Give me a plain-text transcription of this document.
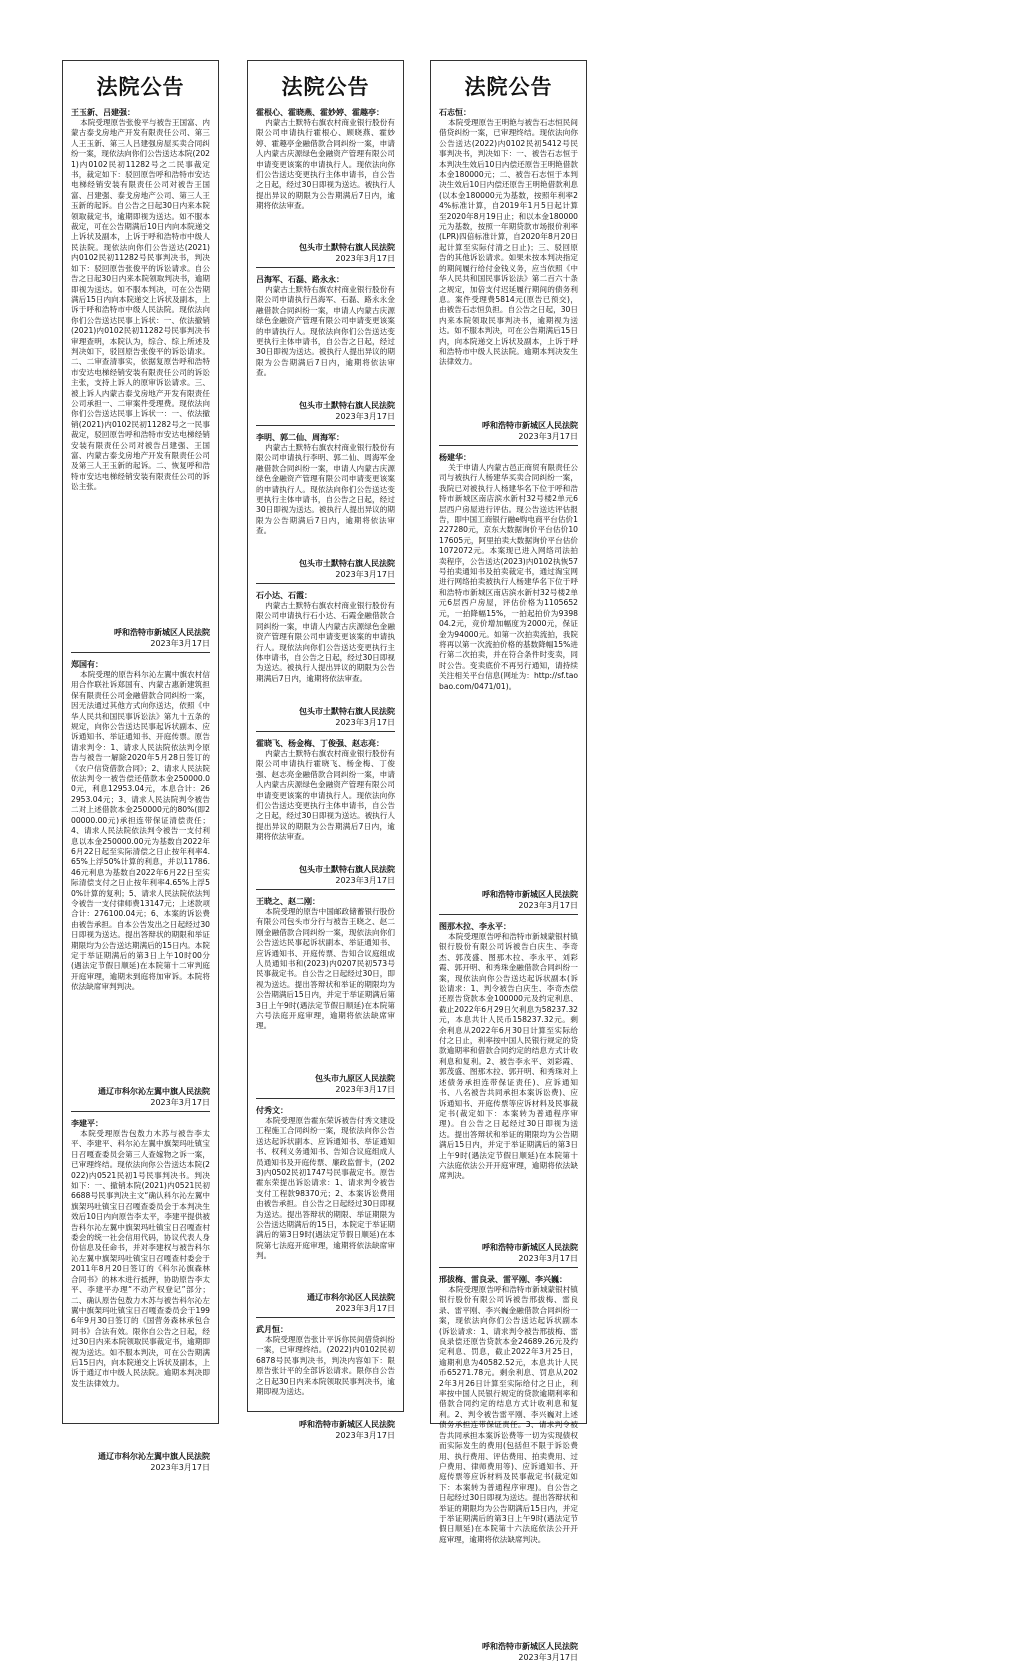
法院公告
王玉新、吕建强：
本院受理原告张俊平与被告王国富、内蒙古泰戈房地产开发有限责任公司、第三人王玉新、第三人吕建强房屋买卖合同纠纷一案，现依法向你们公告送达本院(2021)内0102民初11282号之二民事裁定书，裁定如下：驳回原告呼和浩特市安达电梯经销安装有限责任公司对被告王国富、吕建强、泰戈房地产公司、第三人王玉新的起诉。自公告之日起30日内来本院领取裁定书，逾期即视为送达。如不服本裁定，可在公告期满后10日内向本院递交上诉状及副本，上诉于呼和浩特市中级人民法院。现依法向你们公告送达(2021)内0102民初11282号民事判决书，判决如下：驳回原告张俊平的诉讼请求。自公告之日起30日内来本院领取判决书，逾期即视为送达。如不服本判决，可在公告期满后15日内向本院递交上诉状及副本，上诉于呼和浩特市中级人民法院。现依法向你们公告送达民事上诉状：一、依法撤销(2021)内0102民初11282号民事判决书审理查明，本院认为，综合、综上所述及判决如下，驳回原告张俊平的诉讼请求。二、二审查清事实，依据复原告呼和浩特市安达电梯经销安装有限责任公司的诉讼主张，支持上诉人的原审诉讼请求。三、被上诉人内蒙古泰戈房地产开发有限责任公司承担一、二审案件受理费。现依法向你们公告送达民事上诉状一：一、依法撤销(2021)内0102民初11282号之一民事裁定，驳回原告呼和浩特市安达电梯经销安装有限责任公司对被告吕建强、王国富、内蒙古泰戈房地产开发有限责任公司及第三人王玉新的起诉。二、恢复呼和浩特市安达电梯经销安装有限责任公司的诉讼主张。
呼和浩特市新城区人民法院
2023年3月17日
郑国有：
本院受理的原告科尔沁左翼中旗农村信用合作联社诉郑国有、内蒙古惠新建筑担保有限责任公司金融借款合同纠纷一案，因无法通过其他方式向你送达，依照《中华人民共和国民事诉讼法》第九十五条的规定，向你公告送达民事起诉状副本、应诉通知书、举证通知书、开庭传票。原告请求判令：1、请求人民法院依法判令原告与被告一解除2020年5月28日签订的《农户信贷借款合同》；2、请求人民法院依法判令一被告偿还借款本金250000.00元，利息12953.04元，本息合计：262953.04元；3、请求人民法院判令被告二对上述借款本金250000元的80%(即200000.00元)承担连带保证清偿责任；4、请求人民法院依法判令被告一支付利息以本金250000.00元为基数自2022年6月22日起至实际清偿之日止按年利率4.65%上浮50%计算的利息，并以11786.46元利息为基数自2022年6月22日至实际清偿支付之日止按年利率4.65%上浮50%计算的复利；5、请求人民法院依法判令被告一支付律师费13147元；上述款项合计：276100.04元；6、本案的诉讼费由被告承担。自本公告发出之日起经过30日即视为送达。提出答辩状的期限和举证期限均为公告送达期满后的15日内。本院定于举证期满后的第3日上午10时00分(遇法定节假日顺延)在本院第十二审判庭开庭审理，逾期未到庭将加审诉。本院将依法缺席审判判决。
通辽市科尔沁左翼中旗人民法院
2023年3月17日
李建平：
本院受理原告包敖力木苏与被告李太平、李建平、科尔沁左翼中旗架玛吐镇宝日召嘎查委员会第三人查嫁物之诉一案，已审理终结。现依法向你公告送达本院(2022)内0521民初1号民事判决书。判决如下：一、撤销本院(2021)内0521民初6688号民事判决主文“确认科尔沁左翼中旗架玛吐镇宝日召嘎查委员会于本判决生效后10日内向原告李太平，李建平提供被告科尔沁左翼中旗架玛吐镇宝日召嘎查村委会的统一社会信用代码，协议代表人身份信息及任命书，并对李建权与被告科尔沁左翼中旗架玛吐镇宝日召嘎查村委会于2011年8月20日签订的《科尔沁旗森林合同书》的林木进行抵押，协助原告李太平、李建平办理“不动产权登记”部分；二、确认原告包敖力木苏与被告科尔沁左翼中旗架玛吐镇宝日召嘎查委员会于1996年9月30日签订的《国营务森林承包合同书》合法有效。限你自公告之日起，经过30日内来本院领取民事裁定书，逾期即视为送达。如不服本判决，可在公告期满后15日内，向本院递交上诉状及副本，上诉于通辽市中级人民法院。逾期本判决即发生法律效力。
通辽市科尔沁左翼中旗人民法院
2023年3月17日
法院公告
霍根心、霍晓燕、霍妙婷、霍趣亭：
内蒙古土默特右旗农村商业银行股份有限公司申请执行霍根心、顾晓燕、霍妙婷、霍趣亭金融借款合同纠纷一案，申请人内蒙古庆源绿色金融资产管理有限公司申请变更该案的申请执行人。现依法向你们公告送达变更执行主体申请书，自公告之日起，经过30日即视为送达。被执行人提出异议的期限为公告期满后7日内，逾期将依法审查。
包头市土默特右旗人民法院
2023年3月17日
吕海军、石磊、路永永：
内蒙古土默特右旗农村商业银行股份有限公司申请执行吕海军、石磊、路永永金融借款合同纠纷一案，申请人内蒙古庆源绿色金融资产管理有限公司申请变更该案的申请执行人。现依法向你们公告送达变更执行主体申请书，自公告之日起，经过30日即视为送达。被执行人提出异议的期限为公告期满后7日内，逾期将依法审查。
包头市土默特右旗人民法院
2023年3月17日
李明、郭二仙、周海军：
内蒙古土默特右旗农村商业银行股份有限公司申请执行李明、郭二仙、周海军金融借款合同纠纷一案，申请人内蒙古庆源绿色金融资产管理有限公司申请变更该案的申请执行人。现依法向你们公告送达变更执行主体申请书，自公告之日起，经过30日即视为送达。被执行人提出异议的期限为公告期满后7日内，逾期将依法审查。
包头市土默特右旗人民法院
2023年3月17日
石小达、石霞：
内蒙古土默特右旗农村商业银行股份有限公司申请执行石小达、石霞金融借款合同纠纷一案，申请人内蒙古庆源绿色金融资产管理有限公司申请变更该案的申请执行人。现依法向你们公告送达变更执行主体申请书，自公告之日起，经过30日即视为送达。被执行人提出异议的期限为公告期满后7日内，逾期将依法审查。
包头市土默特右旗人民法院
2023年3月17日
霍晓飞、杨金梅、丁俊强、赵志亮：
内蒙古土默特右旗农村商业银行股份有限公司申请执行霍晓飞、杨金梅、丁俊强、赵志亮金融借款合同纠纷一案，申请人内蒙古庆源绿色金融资产管理有限公司申请变更该案的申请执行人。现依法向你们公告送达变更执行主体申请书，自公告之日起，经过30日即视为送达。被执行人提出异议的期限为公告期满后7日内，逾期将依法审查。
包头市土默特右旗人民法院
2023年3月17日
王晓之、赵二刚：
本院受理的原告中国邮政储蓄银行股份有限公司包头市分行与被告王晓之、赵二刚金融借款合同纠纷一案，现依法向你们公告送达民事起诉状副本、举证通知书、应诉通知书、开庭传票、告知合议庭组成人员通知书和(2023)内0207民初573号民事裁定书。自公告之日起经过30日，即视为送达。提出答辩状和举证的期限均为公告期满后15日内，并定于举证期满后第3日上午9时(遇法定节假日顺延)在本院第六号法庭开庭审理，逾期将依法缺席审理。
包头市九原区人民法院
2023年3月17日
付秀文：
本院受理原告霍东荣诉被告付秀文建设工程施工合同纠纷一案，现依法向你公告送达起诉状副本、应诉通知书、举证通知书、权利义务通知书、告知合议庭组成人员通知书及开庭传票、廉政监督卡，(2023)内0502民初1747号民事裁定书。原告霍东荣提出诉讼请求：1、请求判令被告支付工程款98370元；2、本案诉讼费用由被告承担。自公告之日起经过30日即视为送达。提出答辩状的期限、举证期限为公告送达期满后的15日，本院定于举证期满后的第3日9时(遇法定节假日顺延)在本院第七法庭开庭审理，逾期将依法缺席审判。
通辽市科尔沁区人民法院
2023年3月17日
武月恒：
本院受理原告张计平诉你民间借贷纠纷一案，已审理终结。(2022)内0102民初6878号民事判决书，判决内容如下：限原告张计平的全部诉讼请求。限你自公告之日起30日内来本院领取民事判决书，逾期即视为送达。
呼和浩特市新城区人民法院
2023年3月17日
法院公告
石志恒：
本院受理原告王明艳与被告石志恒民间借贷纠纷一案，已审理终结。现依法向你公告送达(2022)内0102民初5412号民事判决书，判决如下：一、被告石志恒于本判决生效后10日内偿还原告王明艳借款本金180000元；二、被告石志恒于本判决生效后10日内偿还原告王明艳借款利息(以本金180000元为基数，按照年利率24%标准计算，自2019年1月5日起计算至2020年8月19日止；和以本金180000元为基数，按照一年期贷款市场报价利率(LPR)四倍标准计算，自2020年8月20日起计算至实际付清之日止)；三、驳回原告的其他诉讼请求。如果未按本判决指定的期间履行给付金钱义务，应当依照《中华人民共和国民事诉讼法》第二百六十条之规定，加倍支付迟延履行期间的债务利息。案件受理费5814元(原告已预交)，由被告石志恒负担。自公告之日起，30日内来本院领取民事判决书，逾期视为送达。如不服本判决，可在公告期满后15日内，向本院递交上诉状及副本，上诉于呼和浩特市中级人民法院。逾期本判决发生法律效力。
呼和浩特市新城区人民法院
2023年3月17日
杨建华：
关于申请人内蒙古邑正商贸有限责任公司与被执行人杨建华买卖合同纠纷一案，我院已对被执行人杨建华名下位于呼和浩特市新城区南店滨水新村32号楼2单元6层西户房屋进行评估。现公告送达评估报告，即中国工商银行融e购电商平台估价1227280元，京东大数据询价平台估价1017605元，阿里拍卖大数据询价平台估价1072072元。本案现已进入网络司法拍卖程序，公告送达(2023)内0102执恢57号拍卖通知书及拍卖裁定书，通过淘宝网进行网络拍卖被执行人杨建华名下位于呼和浩特市新城区南店滨水新村32号楼2单元6层西户房屋，评估价格为1105652元，一拍降幅15%，一拍起拍价为939804.2元，竞价增加幅度为2000元，保证金为94000元。如第一次拍卖流拍，我院将再以第一次流拍价格的基数降幅15%进行第二次拍卖，并在符合条件时变卖，同时公告。变卖底价不再另行通知，请持续关注相关平台信息(网址为：http://sf.taobao.com/0471/01)。
呼和浩特市新城区人民法院
2023年3月17日
图那木拉、李永平：
本院受理原告呼和浩特市新城蒙银村镇银行股份有限公司诉被告白庆生、李奇杰、郭茂盛、图那木拉、李永平、刘彩霞、郭开明、和秀珠金融借款合同纠纷一案，现依法向你公告送达起诉状副本(诉讼请求：1、判令被告白庆生、李奇杰偿还原告贷款本金100000元及约定利息、截止2022年6月29日欠利息为58237.32元，本息共计人民币158237.32元。剩余利息从2022年6月30日计算至实际给付之日止，利率按中国人民银行规定的贷款逾期率和借款合同约定的结息方式计收利息和复利。2、被告李永平、刘彩霞、郭茂盛、图那木拉、郭开明、和秀珠对上述债务承担连带保证责任)、应诉通知书、八名被告共同承担本案诉讼费)、应诉通知书、开庭传票等应诉材料及民事裁定书(裁定如下：本案转为普通程序审理)。自公告之日起经过30日即视为送达。提出答辩状和举证的期限均为公告期满后15日内，并定于举证期满后的第3日上午9时(遇法定节假日顺延)在本院第十六法庭依法公开开庭审理，逾期将依法缺席判决。
呼和浩特市新城区人民法院
2023年3月17日
邢拔梅、雷良录、雷平刚、李兴巍：
本院受理原告呼和浩特市新城蒙银村镇银行股份有限公司诉被告邢拔梅、雷良录、雷平刚、李兴巍金融借款合同纠纷一案，现依法向你们公告送达起诉状副本(诉讼请求：1、请求判令被告邢拔梅、雷良录偿还原告贷款本金24689.26元及约定利息、罚息，截止2022年3月25日，逾期利息为40582.52元，本息共计人民币65271.78元。剩余利息、罚息从2022年3月26日计算至实际给付之日止，利率按中国人民银行规定的贷款逾期利率和借款合同约定的结息方式计收利息和复利。2、判令被告雷平刚、李兴巍对上述债务承担连带保证责任。3、请求判令被告共同承担本案诉讼费等一切为实现债权而实际发生的费用(包括但不限于诉讼费用、执行费用、评估费用、拍卖费用、过户费用、律师费用等)、应诉通知书、开庭传票等应诉材料及民事裁定书(裁定如下：本案转为普通程序审理)。自公告之日起经过30日即视为送达。提出答辩状和举证的期限均为公告期满后15日内，并定于举证期满后的第3日上午9时(遇法定节假日顺延)在本院第十六法庭依法公开开庭审理，逾期将依法缺席判决。
呼和浩特市新城区人民法院
2023年3月17日
